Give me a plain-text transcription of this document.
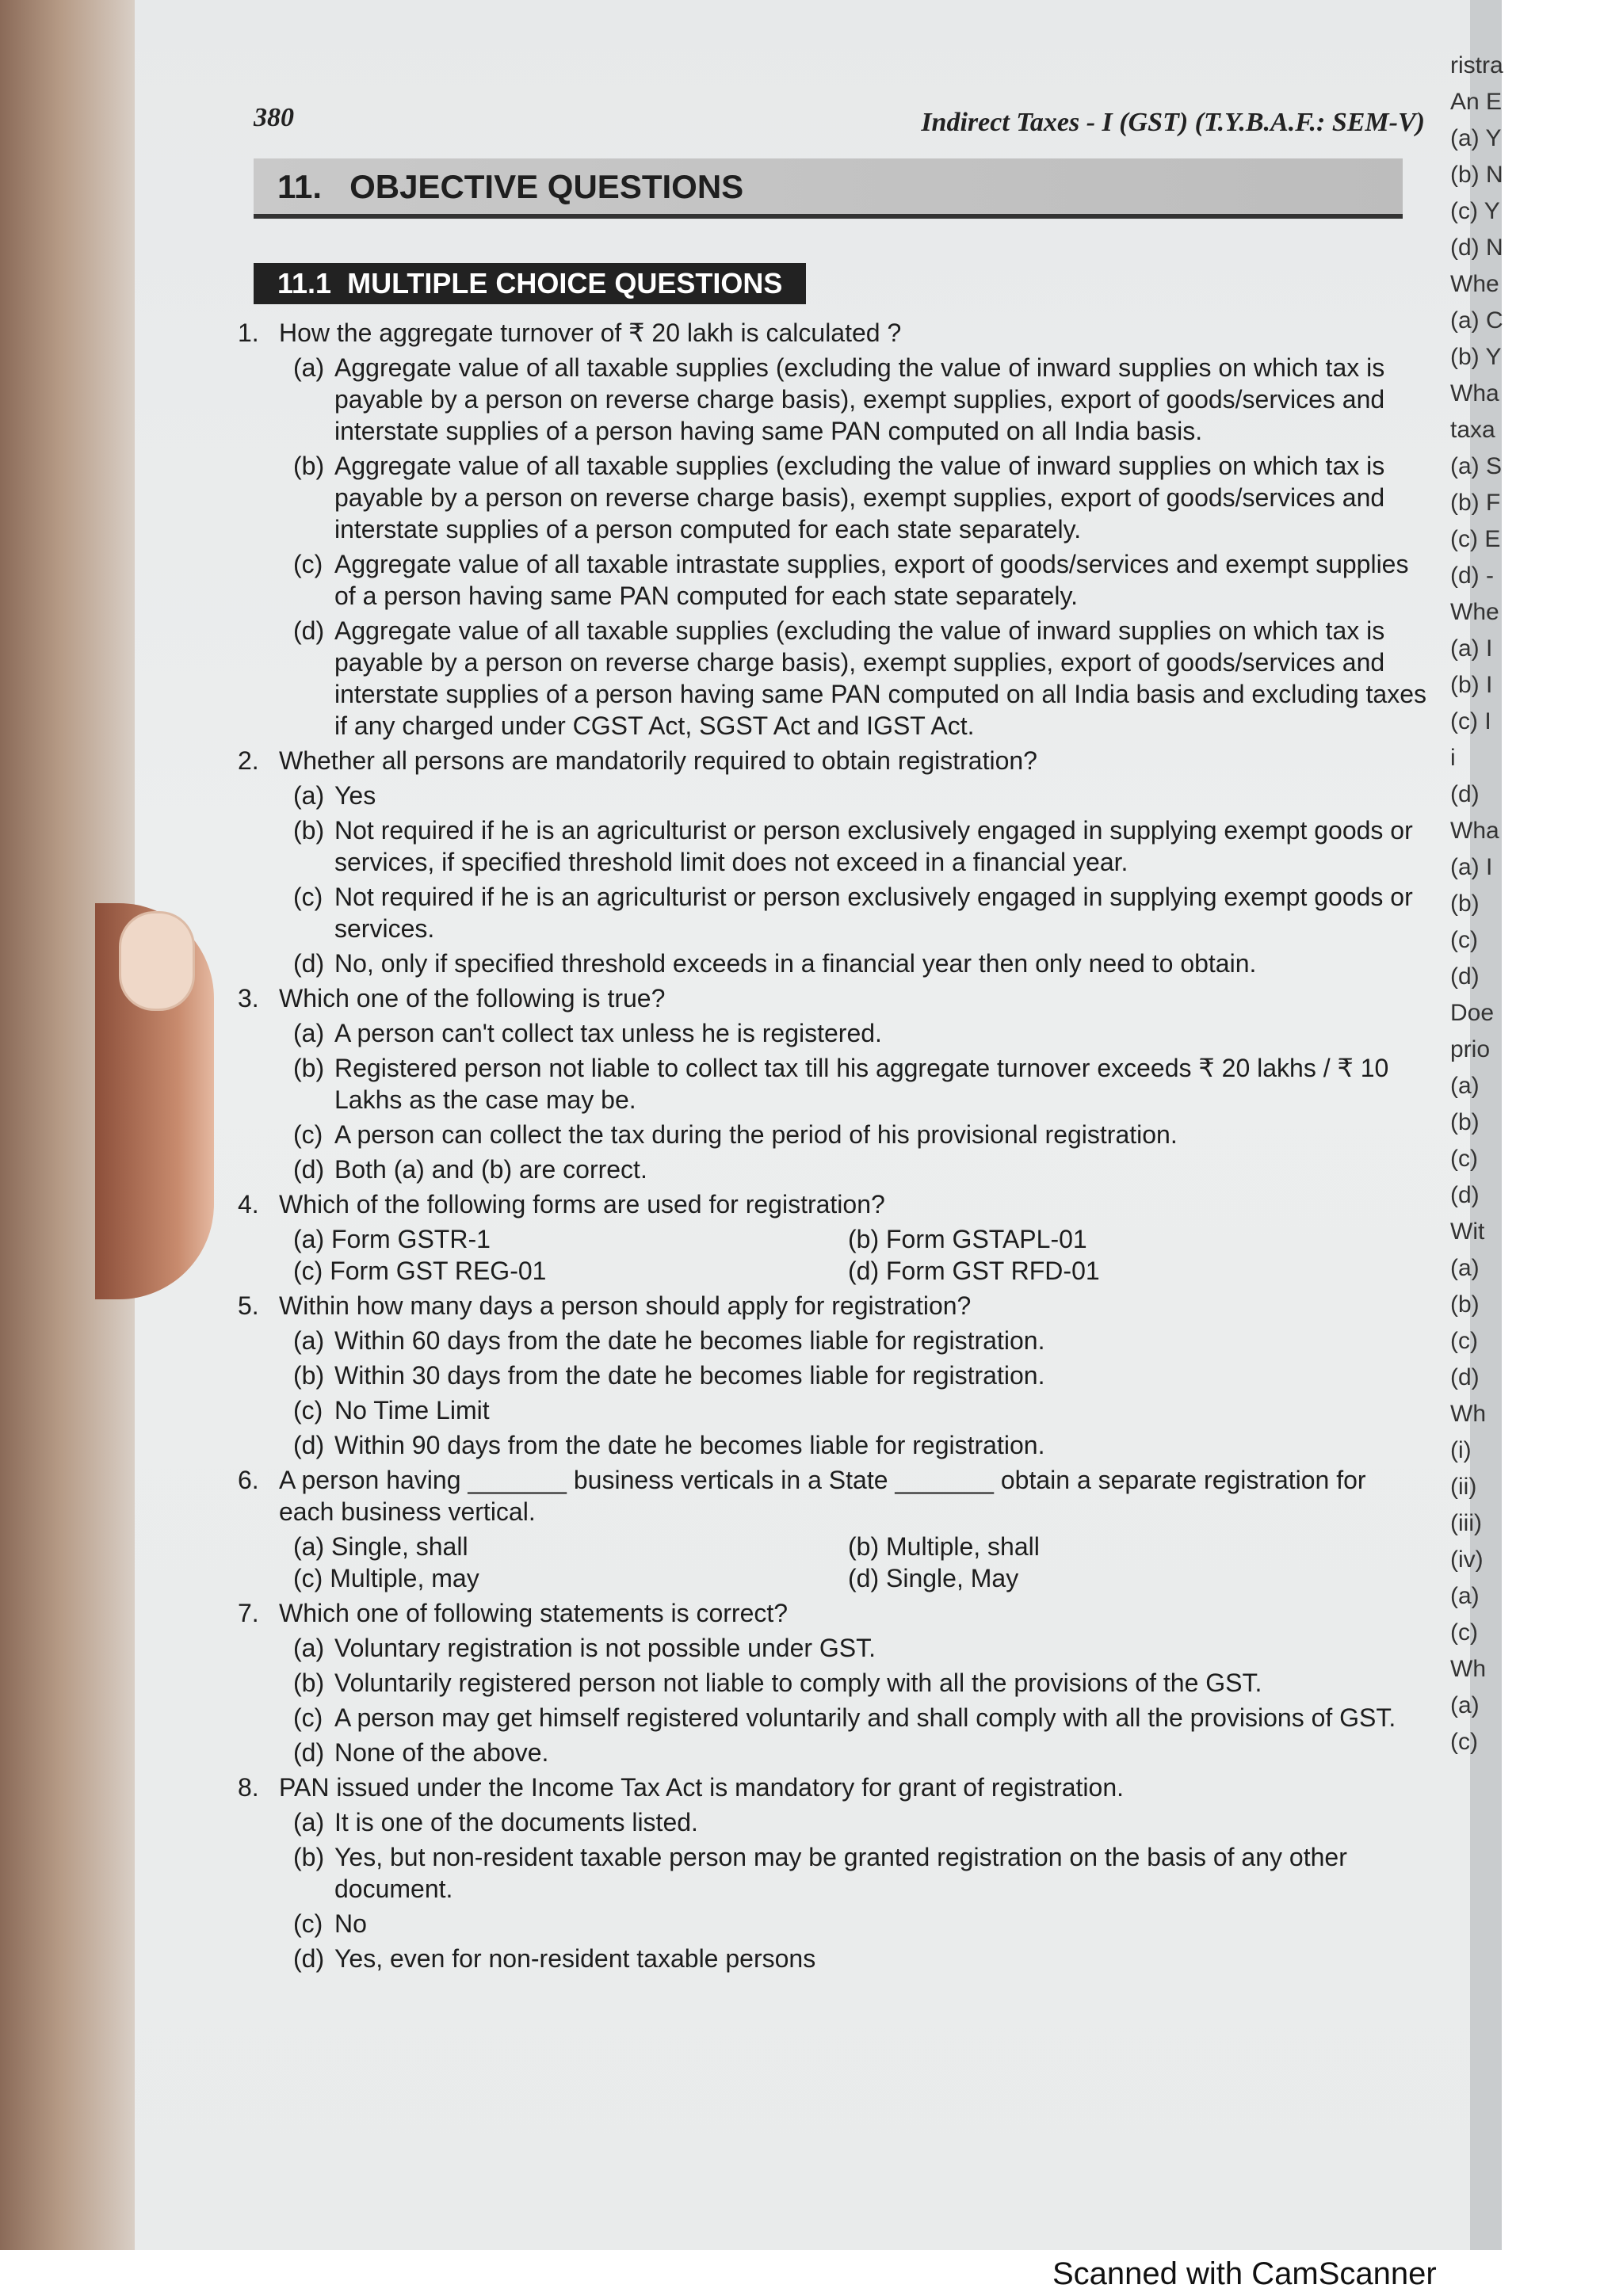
ristra
An E
(a) Y
(b) N
(c) Y
(d) N
Whe
(a) C
(b) Y
Wha
taxa
(a) S
(b) F
(c) E
(d) -
Whe
(a) I
(b) I
(c) I
i
(d)
Wha
(a) I
(b)
(c)
(d)
Doe
prio
(a)
(b)
(c)
(d)
Wit
(a)
(b)
(c)
(d)
Wh
(i)
(ii)
(iii)
(iv)
(a)
(c)
Wh
(a)
(c)
380	Indirect Taxes - I (GST) (T.Y.B.A.F.: SEM-V)
11.   OBJECTIVE QUESTIONS
11.1  MULTIPLE CHOICE QUESTIONS
1. How the aggregate turnover of ₹ 20 lakh is calculated ?
(a) Aggregate value of all taxable supplies (excluding the value of inward supplies on which tax is payable by a person on reverse charge basis), exempt supplies, export of goods/services and interstate supplies of a person having same PAN computed on all India basis.
(b) Aggregate value of all taxable supplies (excluding the value of inward supplies on which tax is payable by a person on reverse charge basis), exempt supplies, export of goods/services and interstate supplies of a person computed for each state separately.
(c) Aggregate value of all taxable intrastate supplies, export of goods/services and exempt supplies of a person having same PAN computed for each state separately.
(d) Aggregate value of all taxable supplies (excluding the value of inward supplies on which tax is payable by a person on reverse charge basis), exempt supplies, export of goods/services and interstate supplies of a person having same PAN computed on all India basis and excluding taxes if any charged under CGST Act, SGST Act and IGST Act.
2. Whether all persons are mandatorily required to obtain registration?
(a) Yes
(b) Not required if he is an agriculturist or person exclusively engaged in supplying exempt goods or services, if specified threshold limit does not exceed in a financial year.
(c) Not required if he is an agriculturist or person exclusively engaged in supplying exempt goods or services.
(d) No, only if specified threshold exceeds in a financial year then only need to obtain.
3. Which one of the following is true?
(a) A person can't collect tax unless he is registered.
(b) Registered person not liable to collect tax till his aggregate turnover exceeds ₹ 20 lakhs / ₹ 10 Lakhs as the case may be.
(c) A person can collect the tax during the period of his provisional registration.
(d) Both (a) and (b) are correct.
4. Which of the following forms are used for registration?
(a) Form GSTR-1	(b) Form GSTAPL-01
(c) Form GST REG-01	(d) Form GST RFD-01
5. Within how many days a person should apply for registration?
(a) Within 60 days from the date he becomes liable for registration.
(b) Within 30 days from the date he becomes liable for registration.
(c) No Time Limit
(d) Within 90 days from the date he becomes liable for registration.
6. A person having _______ business verticals in a State _______ obtain a separate registration for each business vertical.
(a) Single, shall	(b) Multiple, shall
(c) Multiple, may	(d) Single, May
7. Which one of following statements is correct?
(a) Voluntary registration is not possible under GST.
(b) Voluntarily registered person not liable to comply with all the provisions of the GST.
(c) A person may get himself registered voluntarily and shall comply with all the provisions of GST.
(d) None of the above.
8. PAN issued under the Income Tax Act is mandatory for grant of registration.
(a) It is one of the documents listed.
(b) Yes, but non-resident taxable person may be granted registration on the basis of any other document.
(c) No
(d) Yes, even for non-resident taxable persons
Scanned with CamScanner
